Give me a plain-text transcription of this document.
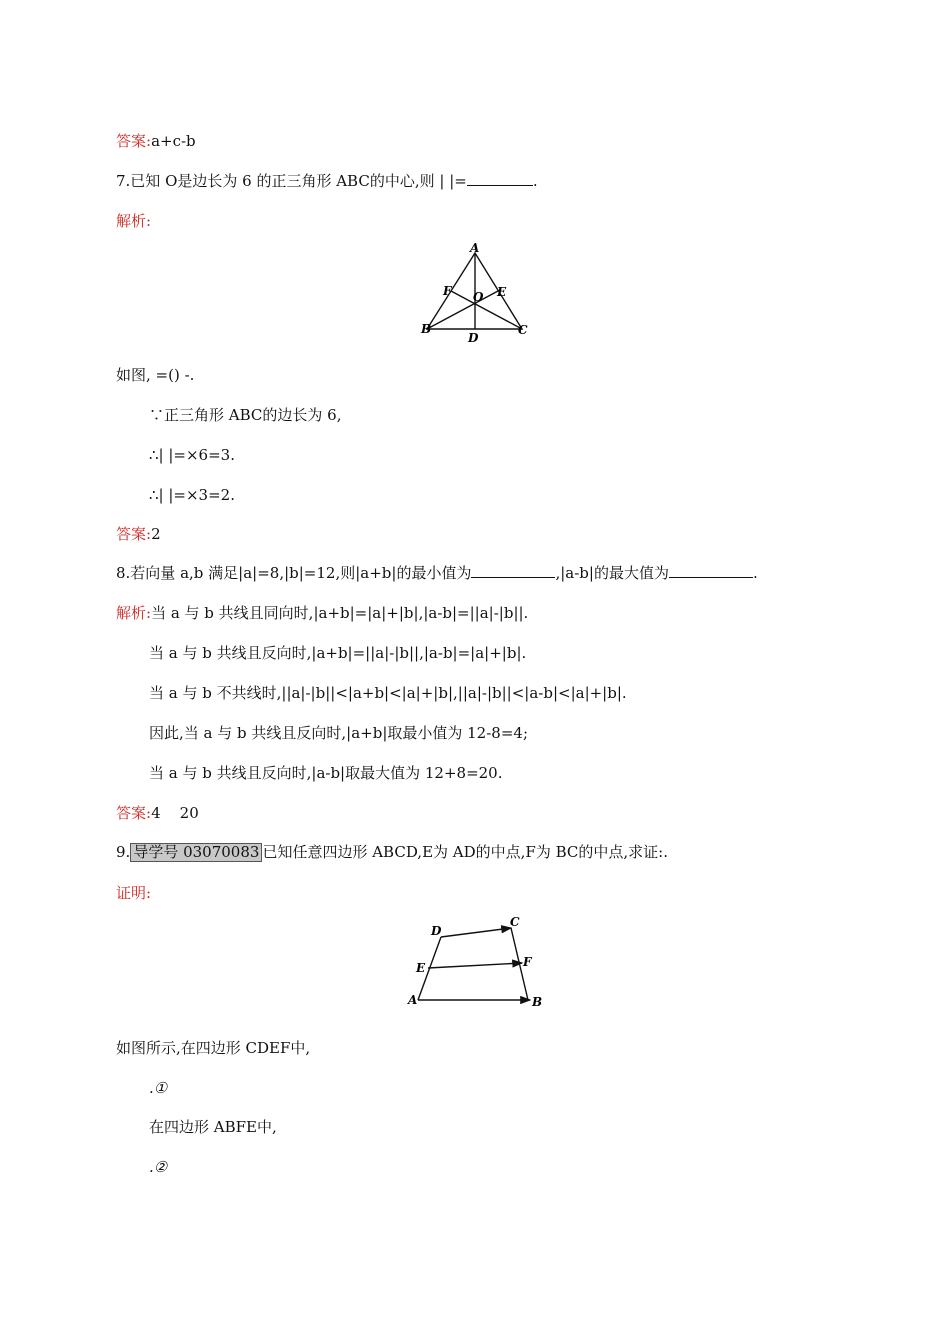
答案:a+c-b
7.已知 O是边长为 6 的正三角形 ABC的中心,则 | |=	.
解析:
A
F O E
B
D
C
如图, =() -.
∵正三角形 ABC的边长为 6,
∴| |=×6=3.
∴| |=×3=2.
答案:2
8.若向量 a,b 满足|a|=8,|b|=12,则|a+b|的最小值为	,|a-b|的最大值为	.
解析:当 a 与 b 共线且同向时,|a+b|=|a|+|b|,|a-b|=||a|-|b||.
当 a 与 b 共线且反向时,|a+b|=||a|-|b||,|a-b|=|a|+|b|.
当 a 与 b 不共线时,||a|-|b||<|a+b|<|a|+|b|,||a|-|b||<|a-b|<|a|+|b|.
因此,当 a 与 b 共线且反向时,|a+b|取最小值为 12-8=4;
当 a 与 b 共线且反向时,|a-b|取最大值为 12+8=20.
答案:4    20
9. 导学号 03070083 已知任意四边形 ABCD,E为 AD的中点,F为 BC的中点,求证:.
证明:
D
C
E	F
A	B
如图所示,在四边形 CDEF中,
.①
在四边形 ABFE中,
.②
